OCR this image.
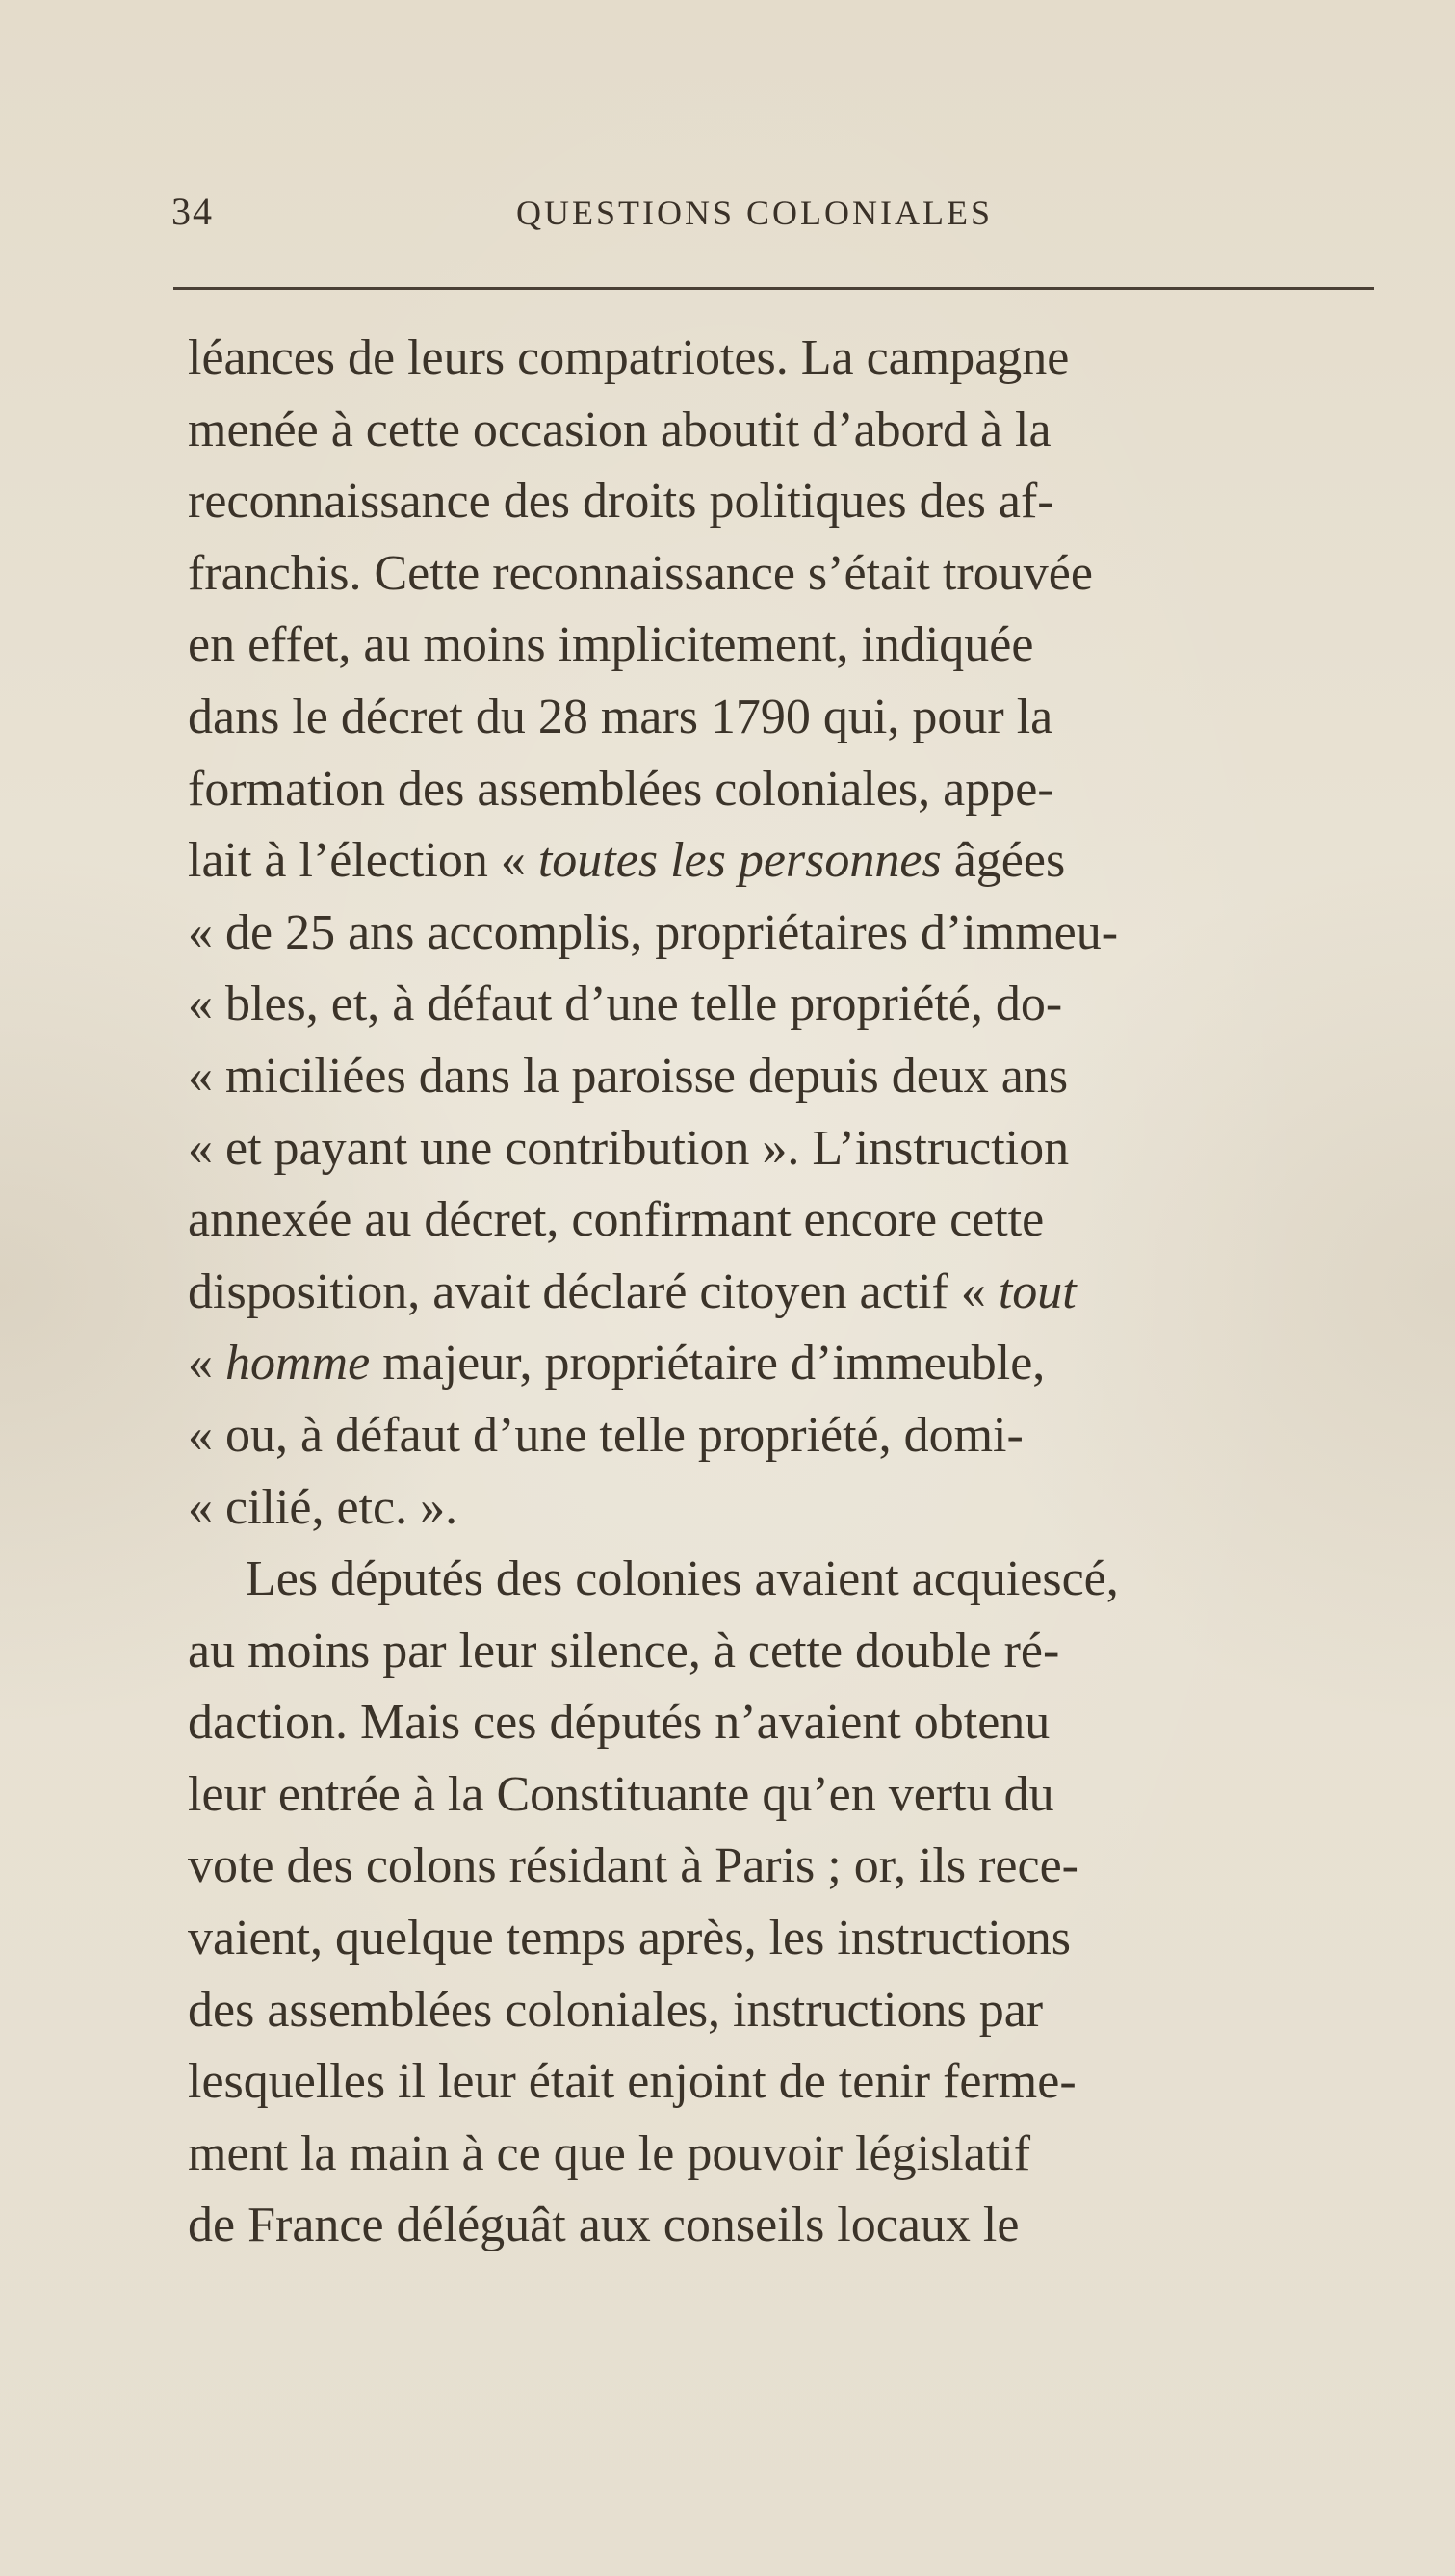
34	QUESTIONS COLONIALES
léances de leurs compatriotes. La campagne
menée à cette occasion aboutit d’abord à la
reconnaissance des droits politiques des af-
franchis. Cette reconnaissance s’était trouvée
en effet, au moins implicitement, indiquée
dans le décret du 28 mars 1790 qui, pour la
formation des assemblées coloniales, appe-
lait à l’élection « toutes les personnes âgées
« de 25 ans accomplis, propriétaires d’immeu-
« bles, et, à défaut d’une telle propriété, do-
« miciliées dans la paroisse depuis deux ans
« et payant une contribution ». L’instruction
annexée au décret, confirmant encore cette
disposition, avait déclaré citoyen actif « tout
« homme majeur, propriétaire d’immeuble,
« ou, à défaut d’une telle propriété, domi-
« cilié, etc. ».
Les députés des colonies avaient acquiescé,
au moins par leur silence, à cette double ré-
daction. Mais ces députés n’avaient obtenu
leur entrée à la Constituante qu’en vertu du
vote des colons résidant à Paris ; or, ils rece-
vaient, quelque temps après, les instructions
des assemblées coloniales, instructions par
lesquelles il leur était enjoint de tenir ferme-
ment la main à ce que le pouvoir législatif
de France déléguât aux conseils locaux le
